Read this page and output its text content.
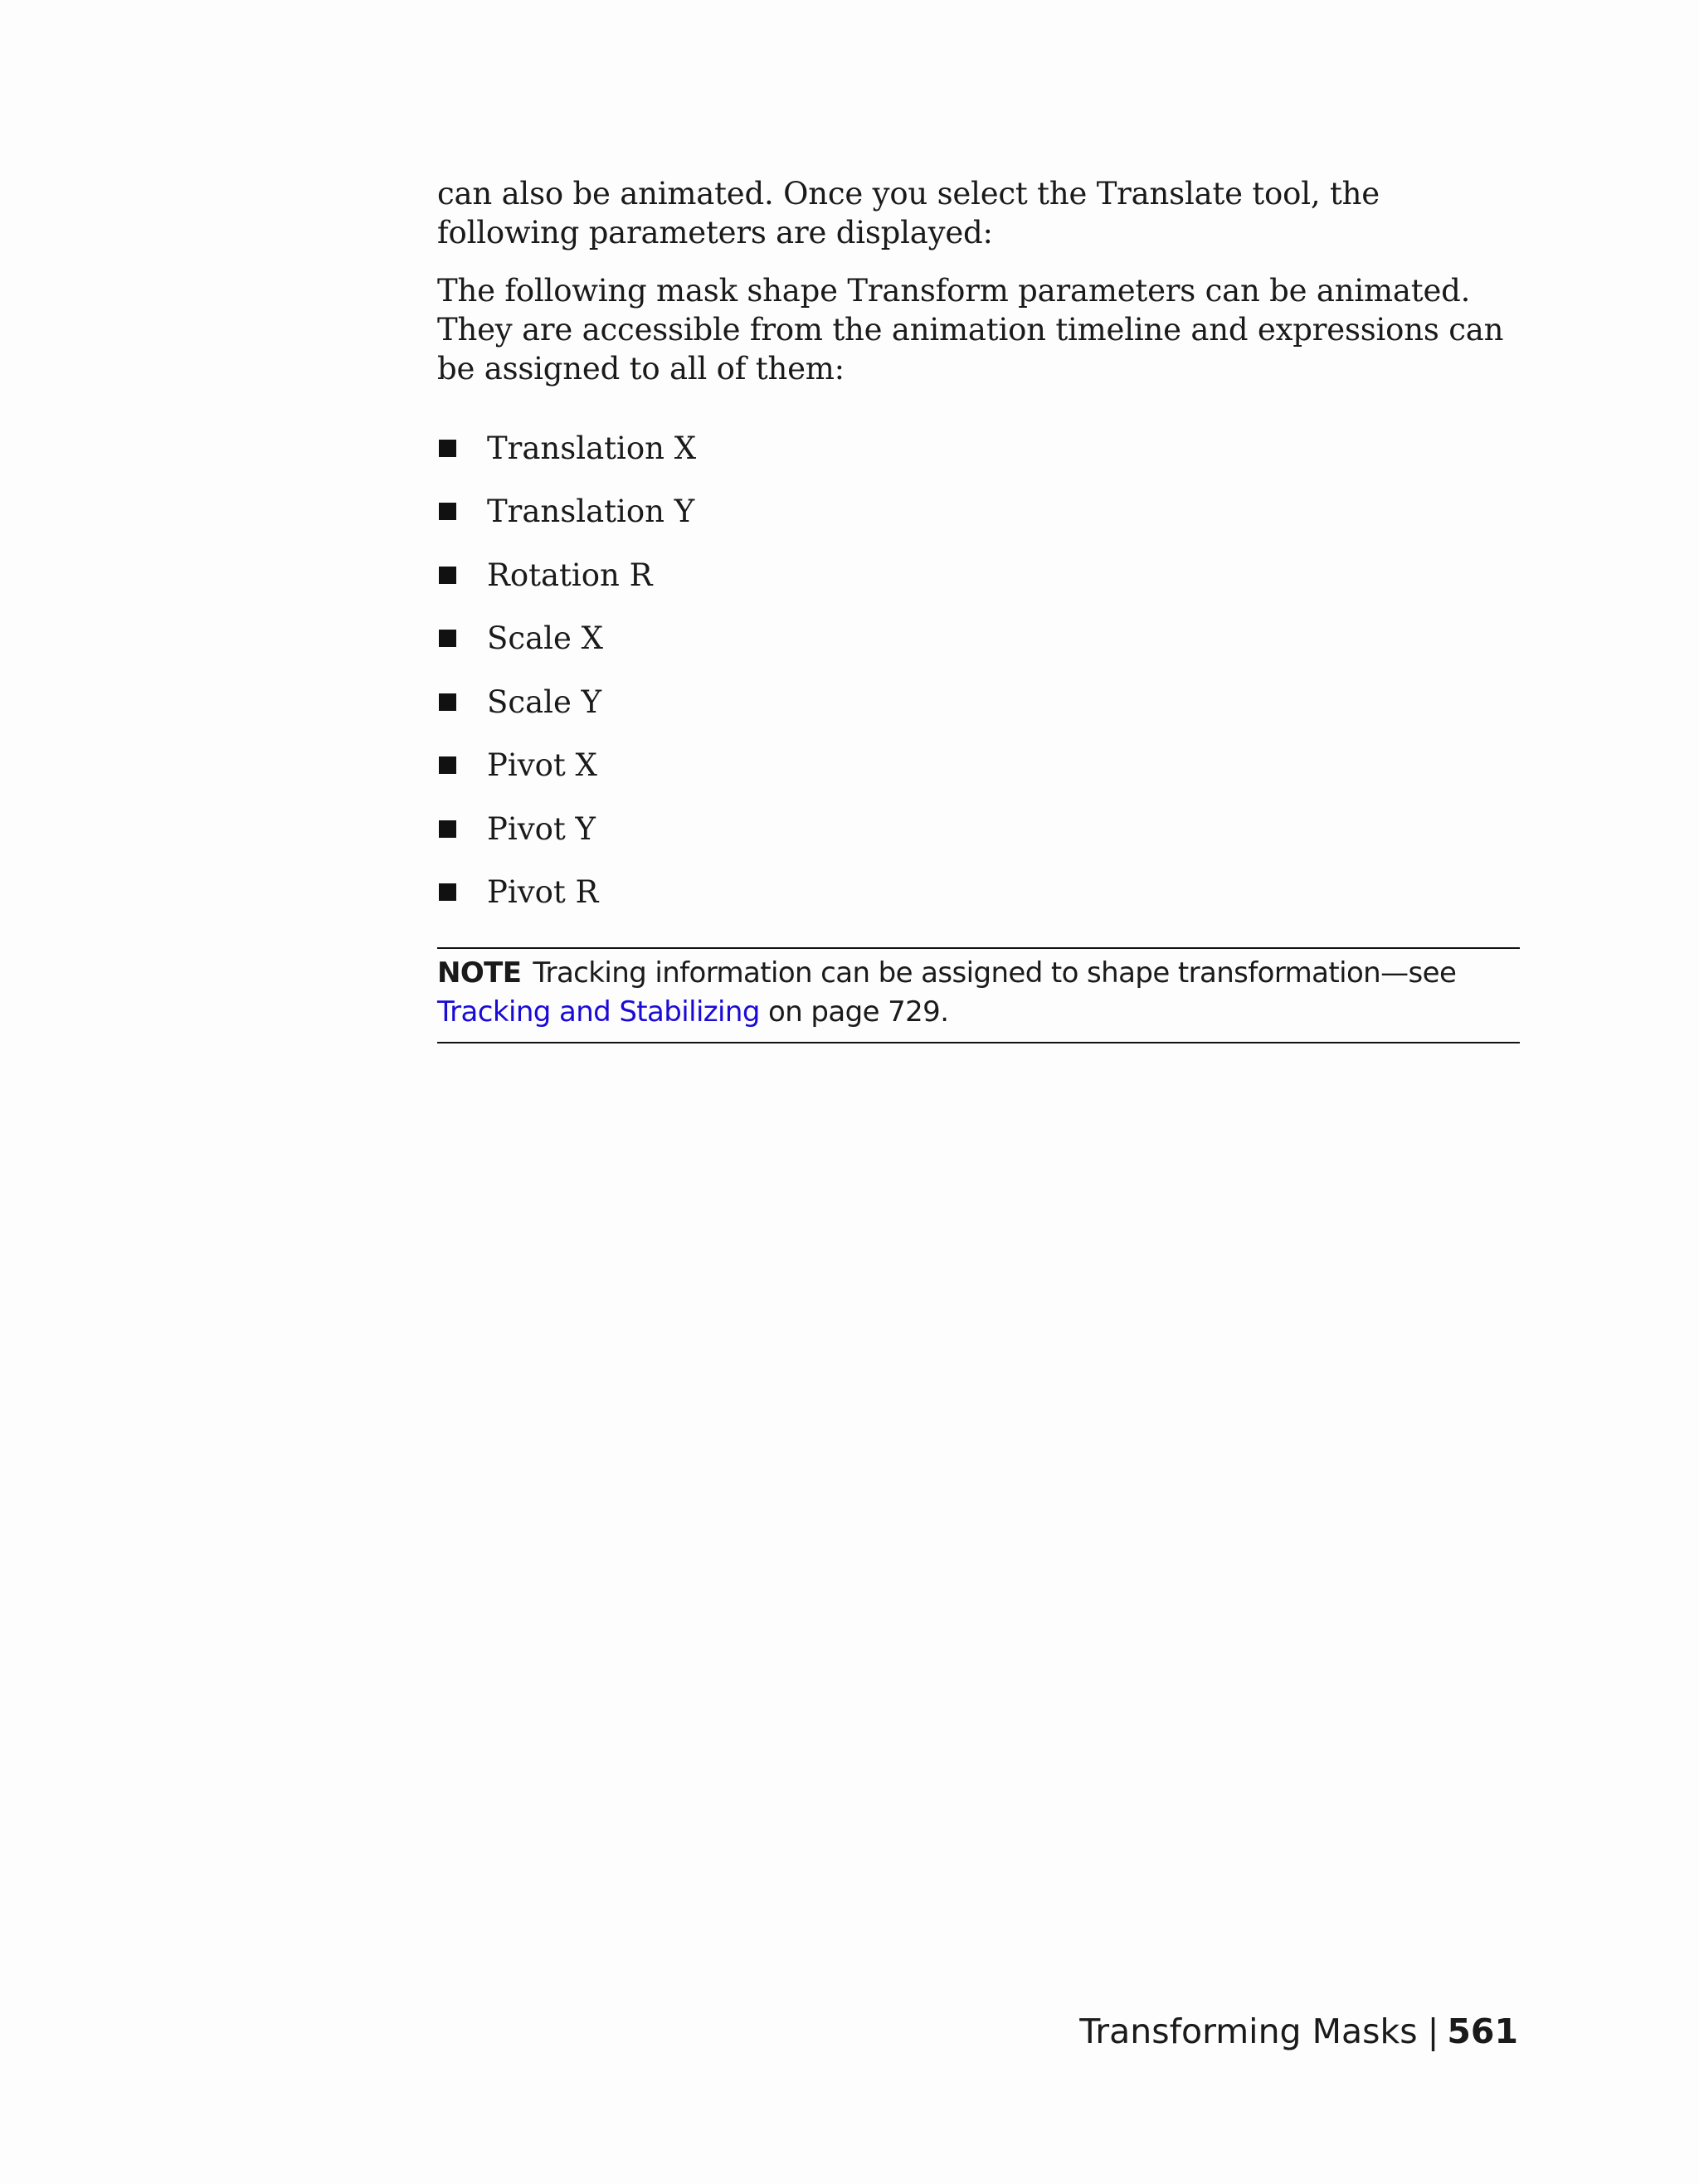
can also be animated. Once you select the Translate tool, the following parameters are displayed:

The following mask shape Transform parameters can be animated. They are accessible from the animation timeline and expressions can be assigned to all of them:

Translation X
Translation Y
Rotation R
Scale X
Scale Y
Pivot X
Pivot Y
Pivot R
NOTE Tracking information can be assigned to shape transformation—see Tracking and Stabilizing on page 729.
Transforming Masks | 561
